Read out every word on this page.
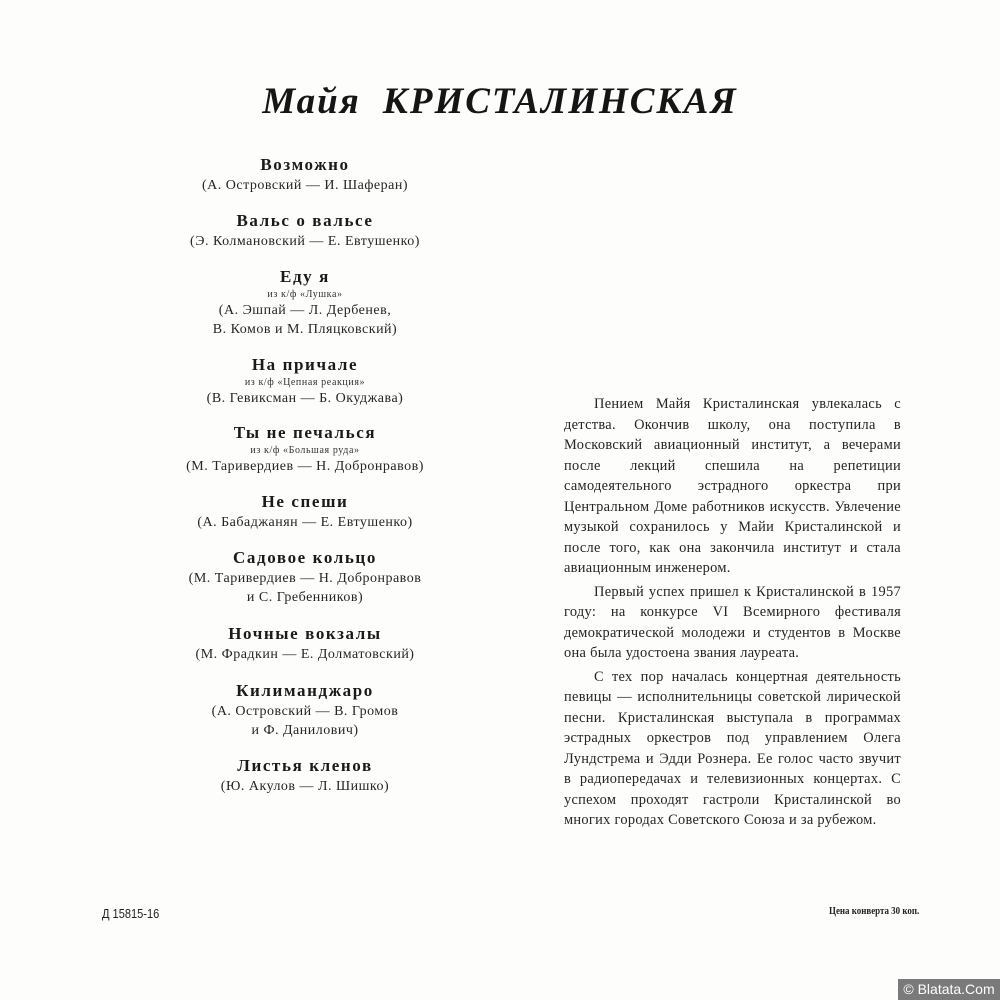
Майя КРИСТАЛИНСКАЯ
Возможно
(А. Островский — И. Шаферан)
Вальс о вальсе
(Э. Колмановский — Е. Евтушенко)
Еду я
из к/ф «Лушка»
(А. Эшпай — Л. Дербенев,
В. Комов и М. Пляцковский)
На причале
из к/ф «Цепная реакция»
(В. Гевиксман — Б. Окуджава)
Ты не печалься
из к/ф «Большая руда»
(М. Таривердиев — Н. Добронравов)
Не спеши
(А. Бабаджанян — Е. Евтушенко)
Садовое кольцо
(М. Таривердиев — Н. Добронравов
и С. Гребенников)
Ночные вокзалы
(М. Фрадкин — Е. Долматовский)
Килиманджаро
(А. Островский — В. Громов
и Ф. Данилович)
Листья кленов
(Ю. Акулов — Л. Шишко)

Пением Майя Кристалинская увлекалась с детства. Окончив школу, она поступила в Московский авиационный институт, а вечерами после лекций спешила на репетиции самодеятельного эстрадного оркестра при Центральном Доме работников искусств. Увлечение музыкой сохранилось у Майи Кристалинской и после того, как она закончила институт и стала авиационным инженером.

Первый успех пришел к Кристалинской в 1957 году: на конкурсе VI Всемирного фестиваля демократической молодежи и студентов в Москве она была удостоена звания лауреата.

С тех пор началась концертная деятельность певицы — исполнительницы советской лирической песни. Кристалинская выступала в программах эстрадных оркестров под управлением Олега Лундстрема и Эдди Рознера. Ее голос часто звучит в радиопередачах и телевизионных концертах. С успехом проходят гастроли Кристалинской во многих городах Советского Союза и за рубежом.

Д 15815-16	Цена конверта 30 коп.
© Blatata.Com
